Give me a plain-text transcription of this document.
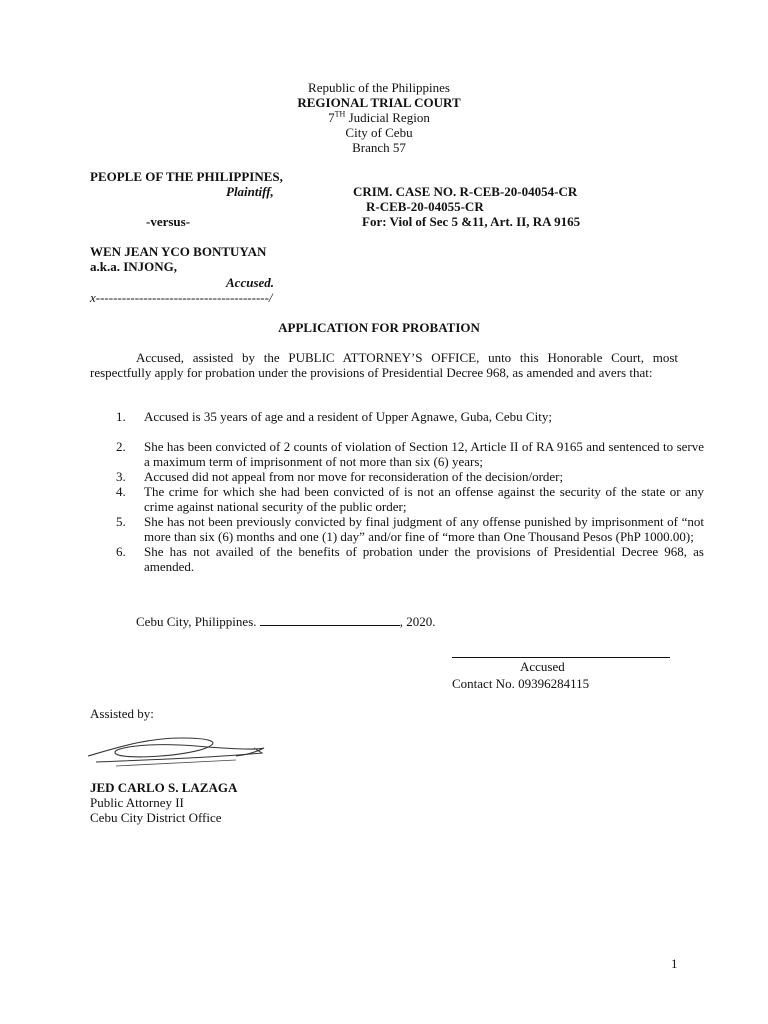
Republic of the Philippines
REGIONAL TRIAL COURT
7TH Judicial Region
City of Cebu
Branch 57
PEOPLE OF THE PHILIPPINES,
Plaintiff,	CRIM. CASE NO. R-CEB-20-04054-CR
R-CEB-20-04055-CR
-versus-	For: Viol of Sec 5 &11, Art. II, RA 9165
WEN JEAN YCO BONTUYAN
a.k.a. INJONG,
Accused.
x----------------------------------------/
APPLICATION FOR PROBATION
Accused, assisted by the PUBLIC ATTORNEY’S OFFICE, unto this Honorable Court, most respectfully apply for probation under the provisions of Presidential Decree 968, as amended and avers that:
1. Accused is 35 years of age and a resident of Upper Agnawe, Guba, Cebu City;
2. She has been convicted of 2 counts of violation of Section 12, Article II of RA 9165 and sentenced to serve a maximum term of imprisonment of not more than six (6) years;
3. Accused did not appeal from nor move for reconsideration of the decision/order;
4. The crime for which she had been convicted of is not an offense against the security of the state or any crime against national security of the public order;
5. She has not been previously convicted by final judgment of any offense punished by imprisonment of “not more than six (6) months and one (1) day” and/or fine of “more than One Thousand Pesos (PhP 1000.00);
6. She has not availed of the benefits of probation under the provisions of Presidential Decree 968, as amended.
Cebu City, Philippines.	, 2020.
Accused
Contact No. 09396284115
Assisted by:
JED CARLO S. LAZAGA
Public Attorney II
Cebu City District Office
1
